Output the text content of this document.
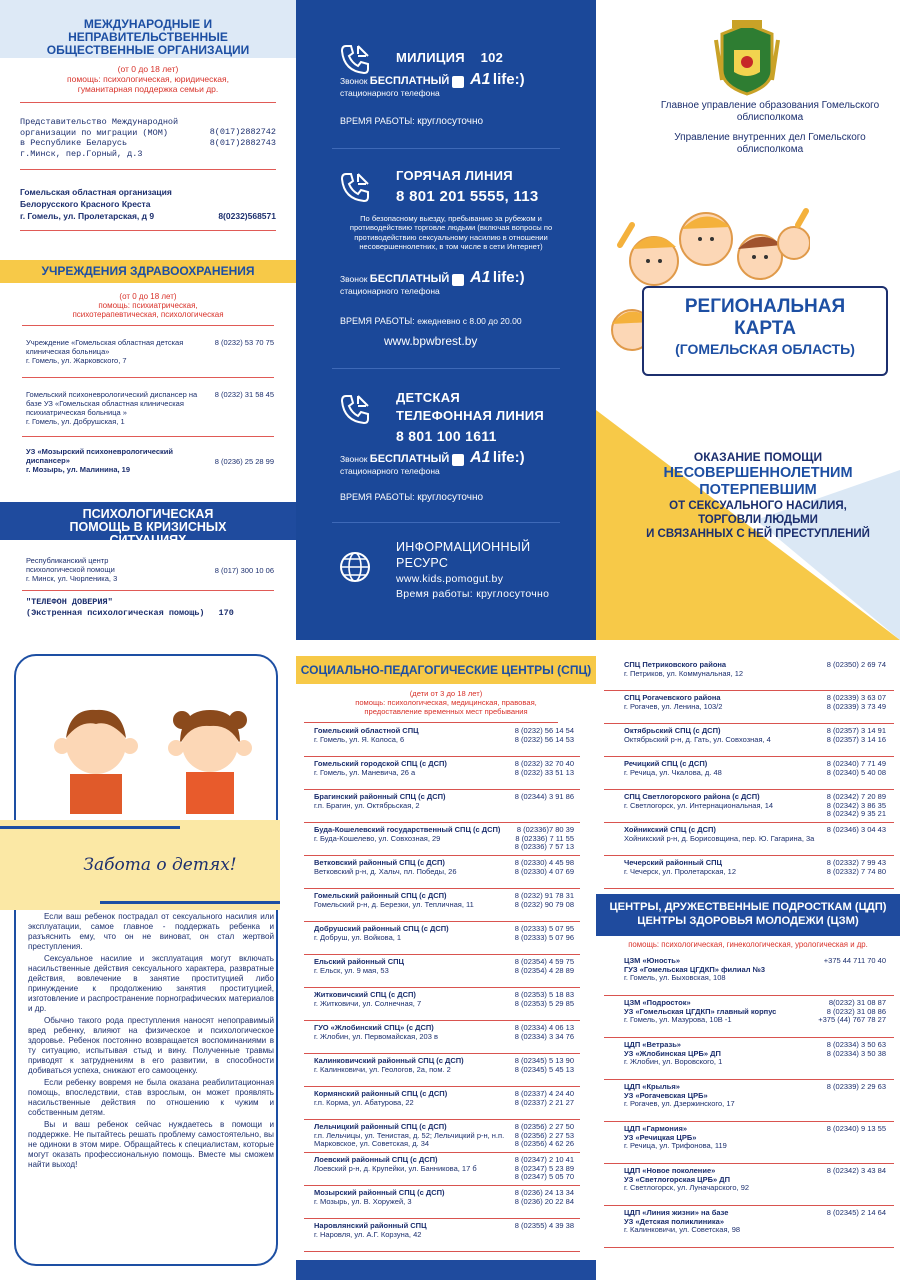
МЕЖДУНАРОДНЫЕ И НЕПРАВИТЕЛЬСТВЕННЫЕ ОБЩЕСТВЕННЫЕ ОРГАНИЗАЦИИ
(от 0 до 18 лет)
помощь: психологическая, юридическая, гуманитарная поддержка семьи др.
Представительство Международной
организации по миграции (МОМ)
в Республике Беларусь
г.Минск, пер.Горный, д.3
8(017)2882742
8(017)2882743
Гомельская областная организация
Белорусского Красного Креста
г. Гомель, ул. Пролетарская, д 9	8(0232)568571
УЧРЕЖДЕНИЯ ЗДРАВООХРАНЕНИЯ
(от 0 до 18 лет)
помощь: психиатрическая, психотерапевтическая, психологическая
Учреждение «Гомельская областная детская клиническая больница»
г. Гомель, ул. Жарковского, 7
8 (0232) 53 70 75
Гомельский психоневрологический диспансер на базе УЗ «Гомельская областная клиническая психиатрическая больница »
г. Гомель, ул. Добрушская, 1
8 (0232) 31 58 45
УЗ «Мозырский психоневрологический диспансер»
г. Мозырь, ул. Малинина, 19
8 (0236) 25 28 99
ПСИХОЛОГИЧЕСКАЯ ПОМОЩЬ В КРИЗИСНЫХ СИТУАЦИЯХ
Республиканский центр психологической помощи
г. Минск, ул. Чюрленика, 3
8 (017) 300 10 06
"ТЕЛЕФОН ДОВЕРИЯ"
(Экстренная психологическая помощь) 170
МИЛИЦИЯ 102
Звонок БЕСПЛАТНЫЙ A1 life:)
стационарного телефона
ВРЕМЯ РАБОТЫ: круглосуточно
ГОРЯЧАЯ ЛИНИЯ
8 801 201 5555, 113
По безопасному выезду, пребыванию за рубежом и противодействию торговле людьми (включая вопросы по противодействию сексуальному насилию в отношении несовершеннолетних, в том числе в сети Интернет)
Звонок БЕСПЛАТНЫЙ A1 life:)
стационарного телефона
ВРЕМЯ РАБОТЫ: ежедневно с 8.00 до 20.00
www.bpwbrest.by
ДЕТСКАЯ
ТЕЛЕФОННАЯ ЛИНИЯ
8 801 100 1611
Звонок БЕСПЛАТНЫЙ A1 life:)
стационарного телефона
ВРЕМЯ РАБОТЫ: круглосуточно
ИНФОРМАЦИОННЫЙ
РЕСУРС
www.kids.pomogut.by
Время работы: круглосуточно
Главное управление образования Гомельского облисполкома
Управление внутренних дел Гомельского облисполкома
РЕГИОНАЛЬНАЯ
КАРТА
(ГОМЕЛЬСКАЯ ОБЛАСТЬ)
ОКАЗАНИЕ ПОМОЩИ
НЕСОВЕРШЕННОЛЕТНИМ
ПОТЕРПЕВШИМ
ОТ СЕКСУАЛЬНОГО НАСИЛИЯ,
ТОРГОВЛИ ЛЮДЬМИ
И СВЯЗАННЫХ С НЕЙ ПРЕСТУПЛЕНИЙ
Забота о детях!

Если ваш ребенок пострадал от сексуального насилия или эксплуатации, самое главное - поддержать ребенка и разъяснить ему, что он не виноват, он стал жертвой преступления.

Сексуальное насилие и эксплуатация могут включать насильственные действия сексуального характера, развратные действия, вовлечение в занятие проституцией либо принуждение к продолжению занятия проституцией, изготовление и распространение порнографических материалов и др.

Обычно такого рода преступления наносят непоправимый вред ребенку, влияют на физическое и психологическое здоровье. Ребенок постоянно возвращается воспоминаниями в ту ситуацию, испытывая стыд и вину. Полученные травмы приводят к затруднениям в его развитии, в способности добиваться успеха, снижают его самооценку.

Если ребенку вовремя не была оказана реабилитационная помощь, впоследствии, став взрослым, он может проявлять насильственные действия по отношению к чужим и собственным детям.

Вы и ваш ребенок сейчас нуждаетесь в помощи и поддержке. Не пытайтесь решать проблему самостоятельно, вы не одиноки в этом мире. Обращайтесь к специалистам, которые могут оказать профессиональную помощь. Вместе мы сможем найти выход!

СОЦИАЛЬНО-ПЕДАГОГИЧЕСКИЕ ЦЕНТРЫ (СПЦ)
(дети от 3 до 18 лет)
помощь: психологическая, медицинская, правовая, предоставление временных мест пребывания
Гомельский областной СПЦ
г. Гомель, ул. Я. Колоса, 6
8 (0232) 56 14 54
8 (0232) 56 14 53
Гомельский городской СПЦ (с ДСП)
г. Гомель, ул. Маневича, 26 а
8 (0232) 32 70 40
8 (0232) 33 51 13
Брагинский районный СПЦ (с ДСП)
г.п. Брагин, ул. Октябрьская, 2
8 (02344) 3 91 86
Буда-Кошелевский государственный СПЦ (с ДСП)
г. Буда-Кошелево, ул. Совхозная, 29
8 (02336)7 80 39
8 (02336) 7 11 55
8 (02336) 7 57 13
Ветковский районный СПЦ (с ДСП)
Ветковский р-н, д. Хальч, пл. Победы, 26
8 (02330) 4 45 98
8 (02330) 4 07 69
Гомельский районный СПЦ (с ДСП)
Гомельский р-н, д. Березки, ул. Тепличная, 11
8 (0232) 91 78 31
8 (0232) 90 79 08
Добрушский районный СПЦ (с ДСП)
г. Добруш, ул. Войкова, 1
8 (02333) 5 07 95
8 (02333) 5 07 96
Ельский районный СПЦ
г. Ельск, ул. 9 мая, 53
8 (02354) 4 59 75
8 (02354) 4 28 89
Житковичский СПЦ (с ДСП)
г. Житковичи, ул. Солнечная, 7
8 (02353) 5 18 83
8 (02353) 5 29 85
ГУО «Жлобинский СПЦ» (с ДСП)
г. Жлобин, ул. Первомайская, 203 в
8 (02334) 4 06 13
8 (02334) 3 34 76
Калинковичский районный СПЦ (с ДСП)
г. Калинковичи, ул. Геологов, 2а, пом. 2
8 (02345) 5 13 90
8 (02345) 5 45 13
Кормянский районный СПЦ (с ДСП)
г.п. Корма, ул. Абатурова, 22
8 (02337) 4 24 40
8 (02337) 2 21 27
Лельчицкий районный СПЦ (с ДСП)
г.п. Лельчицы, ул. Тенистая, д. 52; Лельчицкий р-н, н.п. Марковское, ул. Советская, д. 34
8 (02356) 2 27 50
8 (02356) 2 27 53
8 (02356) 4 62 26
Лоевский районный СПЦ (с ДСП)
Лоевский р-н, д. Крупейки, ул. Банникова, 17 б
8 (02347) 2 10 41
8 (02347) 5 23 89
8 (02347) 5 05 70
Мозырский районный СПЦ (с ДСП)
г. Мозырь, ул. В. Хоружей, 3
8 (0236) 24 13 34
8 (0236) 20 22 84
Наровлянский районный СПЦ
г. Наровля, ул. А.Г. Корзуна, 42
8 (02355) 4 39 38
СПЦ Петриковского района
г. Петриков, ул. Коммунальная, 12
8 (02350) 2 69 74
СПЦ Рогачевского района
г. Рогачев, ул. Ленина, 103/2
8 (02339) 3 63 07
8 (02339) 3 73 49
Октябрьский СПЦ (с ДСП)
Октябрьский р-н, д. Гать, ул. Совхозная, 4
8 (02357) 3 14 91
8 (02357) 3 14 16
Речицкий СПЦ (с ДСП)
г. Речица, ул. Чкалова, д. 48
8 (02340) 7 71 49
8 (02340) 5 40 08
СПЦ Светлогорского района (с ДСП)
г. Светлогорск, ул. Интернациональная, 14
8 (02342) 7 20 89
8 (02342) 3 86 35
8 (02342) 9 35 21
Хойникский СПЦ (с ДСП)
Хойникский р-н, д. Борисовщина, пер. Ю. Гагарина, 3а
8 (02346) 3 04 43
Чечерский районный СПЦ
г. Чечерск, ул. Пролетарская, 12
8 (02332) 7 99 43
8 (02332) 7 74 80
ЦЕНТРЫ, ДРУЖЕСТВЕННЫЕ ПОДРОСТКАМ (ЦДП)
ЦЕНТРЫ ЗДОРОВЬЯ МОЛОДЕЖИ (ЦЗМ)
помощь: психологическая, гинекологическая, урологическая и др.
ЦЗМ «Юность»
ГУЗ «Гомельская ЦГДКП» филиал №3
г. Гомель, ул. Быховская, 108
+375 44 711 70 40
ЦЗМ «Подросток»
УЗ «Гомельская ЦГДКП» главный корпус
г. Гомель, ул. Мазурова, 10В -1
8(0232) 31 08 87
8 (0232) 31 08 86
+375 (44) 767 78 27
ЦДП «Ветразь»
УЗ «Жлобинская ЦРБ» ДП
г. Жлобин, ул. Воровского, 1
8 (02334) 3 50 63
8 (02334) 3 50 38
ЦДП «Крылья»
УЗ «Рогачевская ЦРБ»
г. Рогачев, ул. Дзержинского, 17
8 (02339) 2 29 63
ЦДП «Гармония»
УЗ «Речицкая ЦРБ»
г. Речица, ул. Трифонова, 119
8 (02340) 9 13 55
ЦДП «Новое поколение»
УЗ «Светлогорская ЦРБ» ДП
г. Светлогорск, ул. Луначарского, 92
8 (02342) 3 43 84
ЦДП «Линия жизни» на базе
УЗ «Детская поликлиника»
г. Калинковичи, ул. Советская, 98
8 (02345) 2 14 64
